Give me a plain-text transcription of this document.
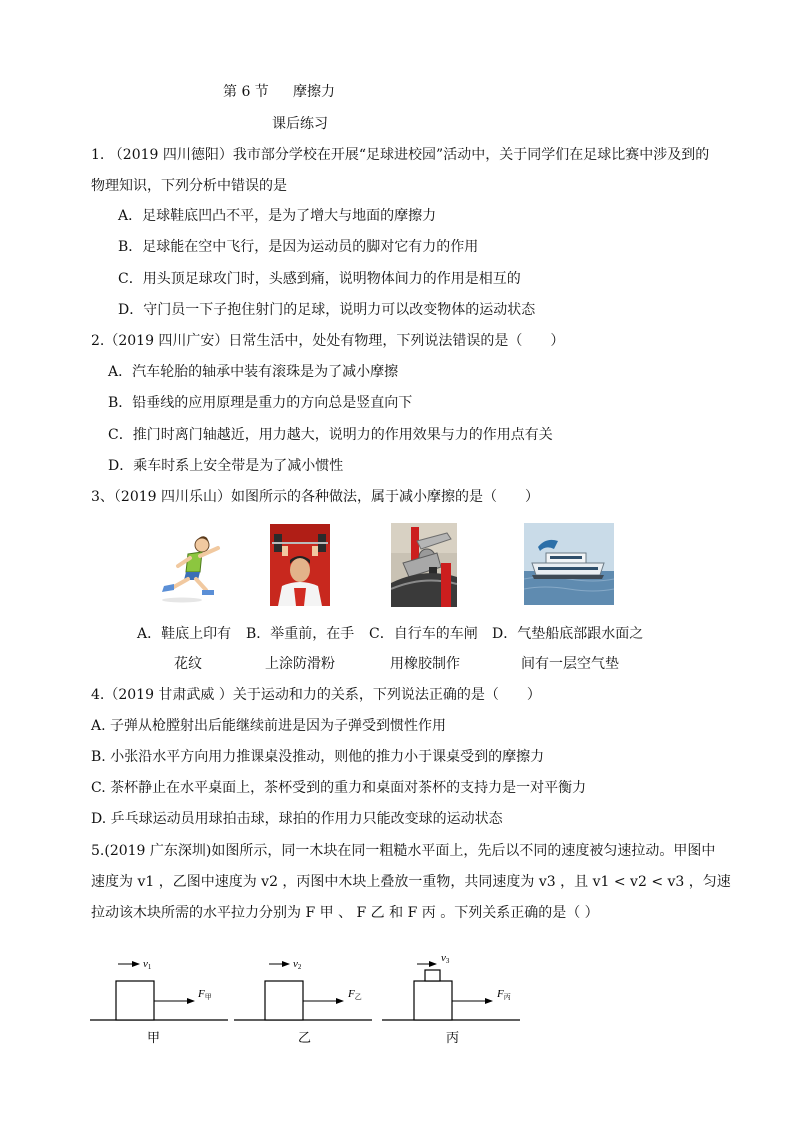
第 6 节 摩擦力
课后练习
1. （2019 四川德阳）我市部分学校在开展“足球进校园”活动中，关于同学们在足球比赛中涉及到的
物理知识，下列分析中错误的是
A．足球鞋底凹凸不平，是为了增大与地面的摩擦力
B．足球能在空中飞行，是因为运动员的脚对它有力的作用
C．用头顶足球攻门时，头感到痛，说明物体间力的作用是相互的
D．守门员一下子抱住射门的足球，说明力可以改变物体的运动状态
2.（2019 四川广安）日常生活中，处处有物理，下列说法错误的是（　　）
A．汽车轮胎的轴承中装有滚珠是为了减小摩擦
B．铅垂线的应用原理是重力的方向总是竖直向下
C．推门时离门轴越近，用力越大，说明力的作用效果与力的作用点有关
D．乘车时系上安全带是为了减小惯性
3、（2019 四川乐山）如图所示的各种做法，属于减小摩擦的是（　　）
A．鞋底上印有
花纹
B．举重前，在手
上涂防滑粉
C．自行车的车闸
用橡胶制作
D．气垫船底部跟水面之
间有一层空气垫
4.（2019 甘肃武威 ）关于运动和力的关系，下列说法正确的是（　　）
A. 子弹从枪膛射出后能继续前进是因为子弹受到惯性作用
B. 小张沿水平方向用力推课桌没推动，则他的推力小于课桌受到的摩擦力
C. 茶杯静止在水平桌面上，茶杯受到的重力和桌面对茶杯的支持力是一对平衡力
D. 乒乓球运动员用球拍击球，球拍的作用力只能改变球的运动状态
5.(2019 广东深圳)如图所示，同一木块在同一粗糙水平面上，先后以不同的速度被匀速拉动。甲图中
速度为 v1 ，乙图中速度为 v2 ，丙图中木块上叠放一重物，共同速度为 v3 ，且 v1 < v2 < v3 ，匀速
拉动该木块所需的水平拉力分别为 F 甲 、 F 乙 和 F 丙 。下列关系正确的是（ ）
v1
F甲
甲
v2
F乙
乙
v3
F丙
丙
